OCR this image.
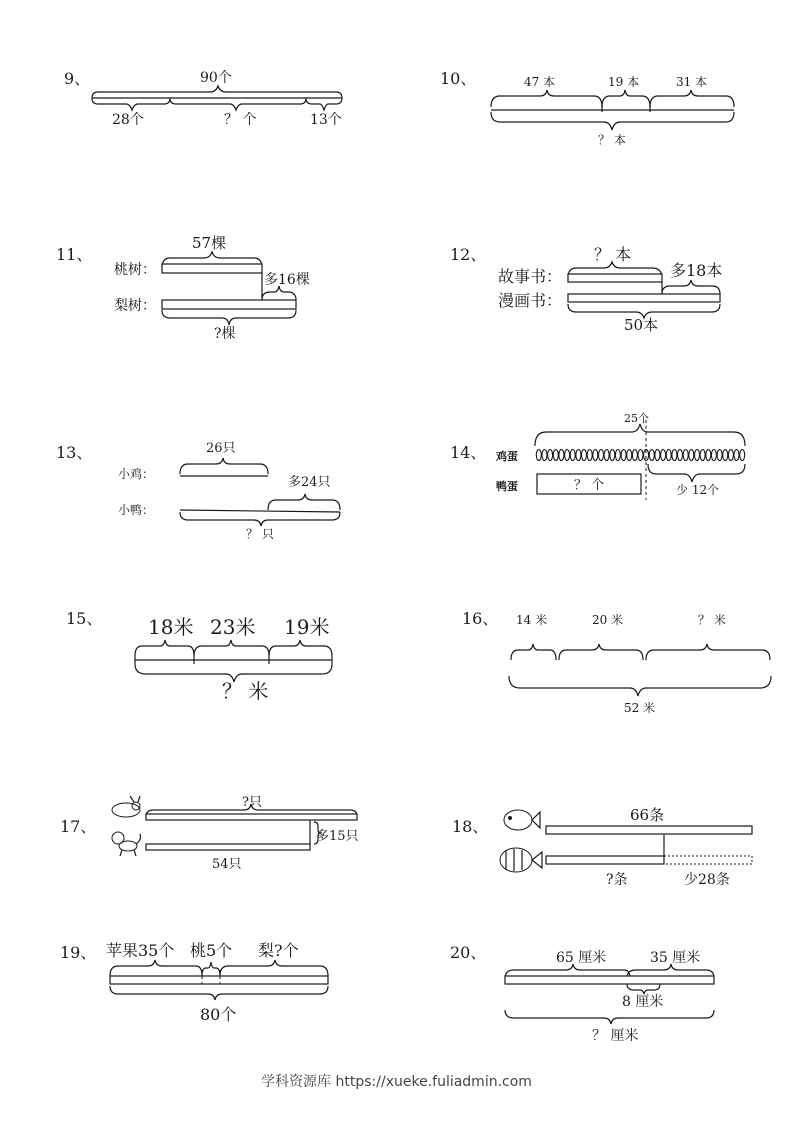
9、	90个
28个	？ 个	13个
10、	47 本	19 本	31 本
？ 本
11、
57棵
桃树：
梨树：
多16棵
?棵
12、	？ 本
故事书：
漫画书：
多18本
50本
13、	26只
小鸡：
多24只
小鸭：
？ 只
14、
25个
鸡蛋
鸭蛋	？ 个	少 12个
15、 18米 23米 19米
？ 米
16、 14 米	20 米	？ 米
52 米
17、
?只
多15只
54只
18、
66条
?条	少28条
19、 苹果35个 桃5个 梨?个
80个
20、	65 厘米	35 厘米
8 厘米
？ 厘米
学科资源库 https://xueke.fuliadmin.com
